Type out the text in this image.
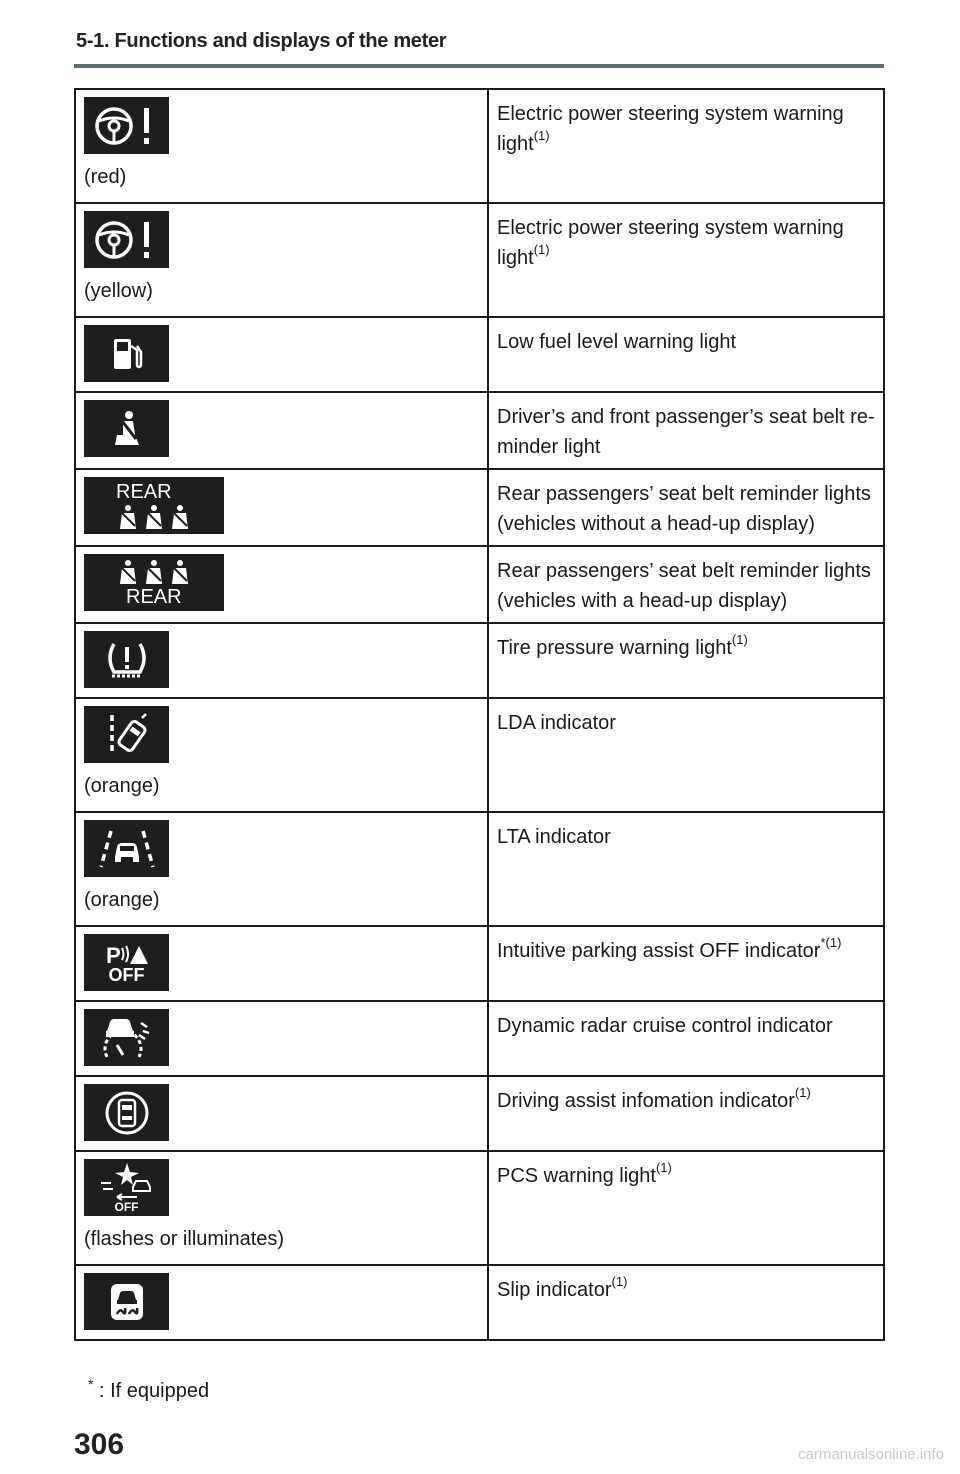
5-1. Functions and displays of the meter
(red)	Electric power steering system warning light$^{(1)}$

(yellow)	Electric power steering system warning light$^{(1)}$

	Low fuel level warning light

	Driver’s and front passenger’s seat belt re-minder light

REAR	Rear passengers’ seat belt reminder lights (vehicles without a head-up display)

REAR	Rear passengers’ seat belt reminder lights (vehicles with a head-up display)

	Tire pressure warning light$^{(1)}$

(orange)	LDA indicator

(orange)	LTA indicator

P
OFF	Intuitive parking assist OFF indicator$^{*(1)}$

	Dynamic radar cruise control indicator

	Driving assist infomation indicator$^{(1)}$

OFF
(flashes or illuminates)	PCS warning light$^{(1)}$

	Slip indicator$^{(1)}$
* : If equipped
306	carmanualsonline.info
